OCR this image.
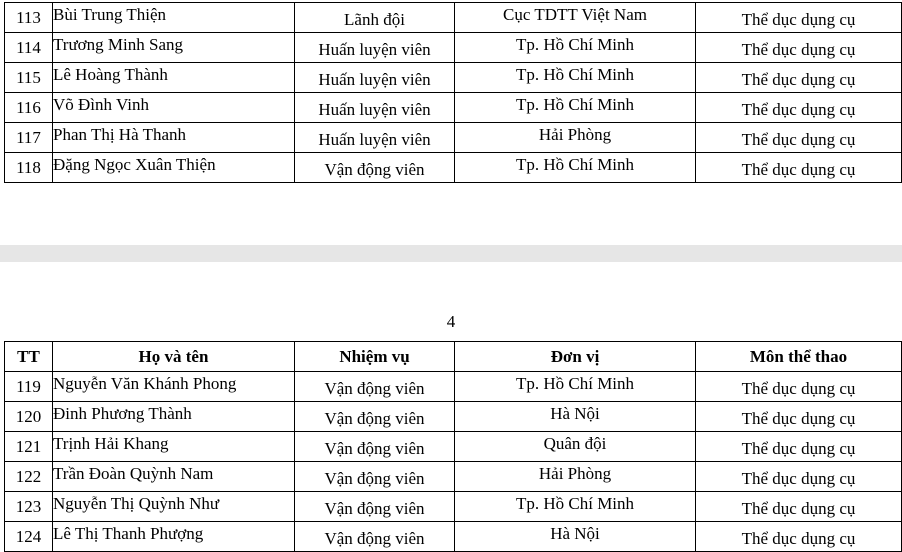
113	Bùi Trung Thiện	Lãnh đội	Cục TDTT Việt Nam	Thể dục dụng cụ
114	Trương Minh Sang	Huấn luyện viên	Tp. Hồ Chí Minh	Thể dục dụng cụ
115	Lê Hoàng Thành	Huấn luyện viên	Tp. Hồ Chí Minh	Thể dục dụng cụ
116	Võ Đình Vinh	Huấn luyện viên	Tp. Hồ Chí Minh	Thể dục dụng cụ
117	Phan Thị Hà Thanh	Huấn luyện viên	Hải Phòng	Thể dục dụng cụ
118	Đặng Ngọc Xuân Thiện	Vận động viên	Tp. Hồ Chí Minh	Thể dục dụng cụ
4
TT	Họ và tên	Nhiệm vụ	Đơn vị	Môn thể thao
119	Nguyễn Văn Khánh Phong	Vận động viên	Tp. Hồ Chí Minh	Thể dục dụng cụ
120	Đinh Phương Thành	Vận động viên	Hà Nội	Thể dục dụng cụ
121	Trịnh Hải Khang	Vận động viên	Quân đội	Thể dục dụng cụ
122	Trần Đoàn Quỳnh Nam	Vận động viên	Hải Phòng	Thể dục dụng cụ
123	Nguyễn Thị Quỳnh Như	Vận động viên	Tp. Hồ Chí Minh	Thể dục dụng cụ
124	Lê Thị Thanh Phượng	Vận động viên	Hà Nội	Thể dục dụng cụ
